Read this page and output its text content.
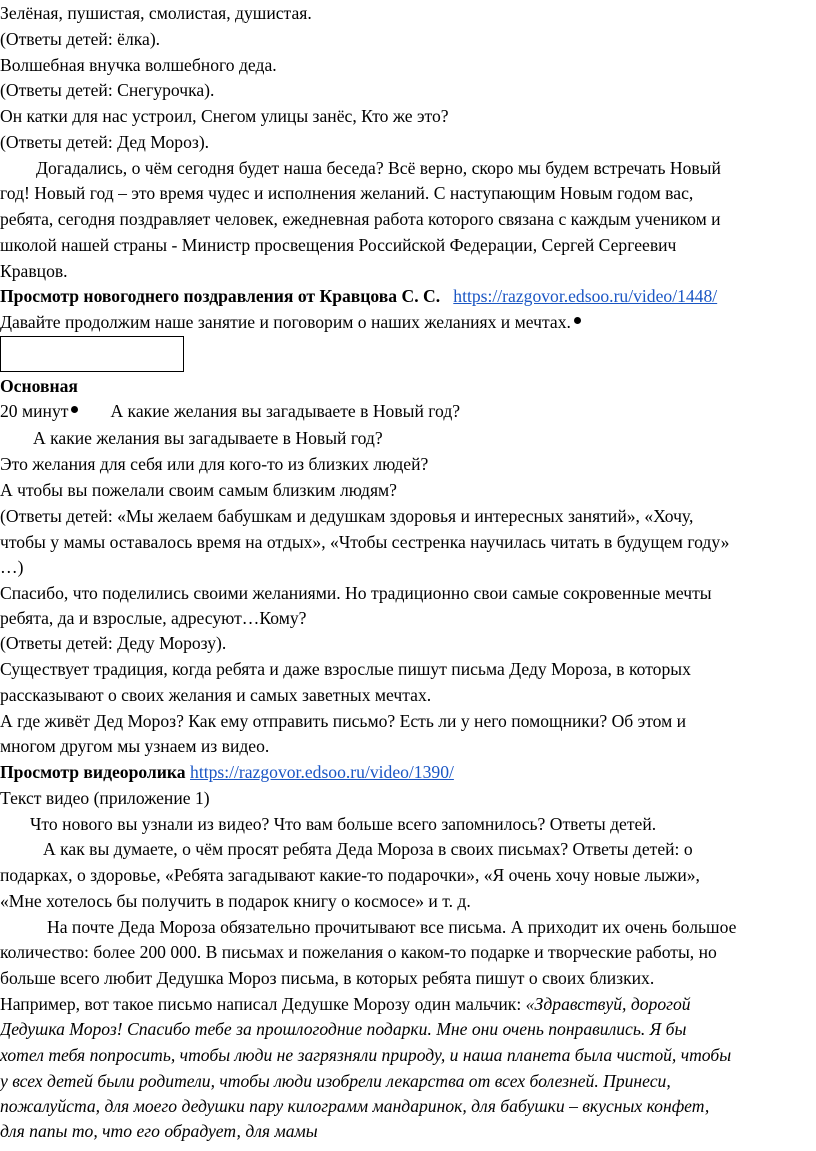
Зелёная, пушистая, смолистая, душистая.
(Ответы детей: ёлка).
Волшебная внучка волшебного деда.
(Ответы детей: Снегурочка).
Он катки для нас устроил, Снегом улицы занёс, Кто же это?
(Ответы детей: Дед Мороз).
Догадались, о чём сегодня будет наша беседа? Всё верно, скоро мы будем встречать Новый
год! Новый год – это время чудес и исполнения желаний. С наступающим Новым годом вас,
ребята, сегодня поздравляет человек, ежедневная работа которого связана с каждым учеником и
школой нашей страны - Министр просвещения Российской Федерации, Сергей Сергеевич
Кравцов.
Просмотр новогоднего поздравления от Кравцова С. С. https://razgovor.edsoo.ru/video/1448/
Давайте продолжим наше занятие и поговорим о наших желаниях и мечтах.
Основная
20 минут А какие желания вы загадываете в Новый год?
А какие желания вы загадываете в Новый год?
Это желания для себя или для кого-то из близких людей?
А чтобы вы пожелали своим самым близким людям?
(Ответы детей: «Мы желаем бабушкам и дедушкам здоровья и интересных занятий», «Хочу,
чтобы у мамы оставалось время на отдых», «Чтобы сестренка научилась читать в будущем году»
…)
Спасибо, что поделились своими желаниями. Но традиционно свои самые сокровенные мечты
ребята, да и взрослые, адресуют…Кому?
(Ответы детей: Деду Морозу).
Существует традиция, когда ребята и даже взрослые пишут письма Деду Мороза, в которых
рассказывают о своих желания и самых заветных мечтах.
А где живёт Дед Мороз? Как ему отправить письмо? Есть ли у него помощники? Об этом и
многом другом мы узнаем из видео.
Просмотр видеоролика https://razgovor.edsoo.ru/video/1390/
Текст видео (приложение 1)
Что нового вы узнали из видео? Что вам больше всего запомнилось? Ответы детей.
А как вы думаете, о чём просят ребята Деда Мороза в своих письмах? Ответы детей: о
подарках, о здоровье, «Ребята загадывают какие-то подарочки», «Я очень хочу новые лыжи»,
«Мне хотелось бы получить в подарок книгу о космосе» и т. д.
На почте Деда Мороза обязательно прочитывают все письма. А приходит их очень большое
количество: более 200 000. В письмах и пожелания о каком-то подарке и творческие работы, но
больше всего любит Дедушка Мороз письма, в которых ребята пишут о своих близких.
Например, вот такое письмо написал Дедушке Морозу один мальчик: «Здравствуй, дорогой
Дедушка Мороз! Спасибо тебе за прошлогодние подарки. Мне они очень понравились. Я бы
хотел тебя попросить, чтобы люди не загрязняли природу, и наша планета была чистой, чтобы
у всех детей были родители, чтобы люди изобрели лекарства от всех болезней. Принеси,
пожалуйста, для моего дедушки пару килограмм мандаринок, для бабушки – вкусных конфет,
для папы то, что его обрадует, для мамы
